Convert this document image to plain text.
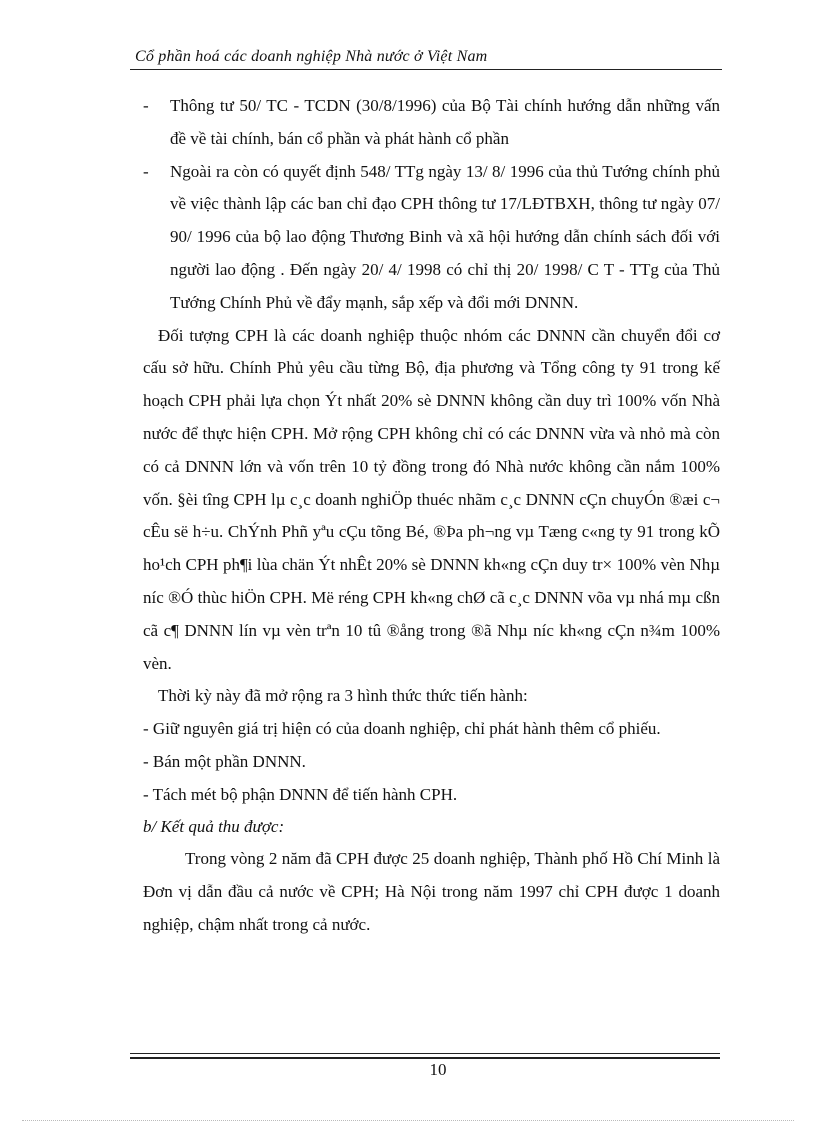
Cổ phần hoá các doanh nghiệp Nhà nước ở Việt Nam
- Thông tư 50/ TC - TCDN (30/8/1996) của Bộ Tài chính hướng dẫn những vấn đề về tài chính, bán cổ phần và phát hành cổ phần
- Ngoài ra còn có quyết định 548/ TTg ngày 13/ 8/ 1996 của thủ Tướng chính phủ về việc thành lập các ban chỉ đạo CPH thông tư 17/LĐTBXH, thông tư ngày 07/ 90/ 1996 của bộ lao động Thương Binh và xã hội hướng dẫn chính sách đối với người lao động . Đến ngày 20/ 4/ 1998 có chỉ thị 20/ 1998/ C T - TTg của Thủ Tướng Chính Phủ về đẩy mạnh, sắp xếp và đổi mới DNNN.

Đối tượng CPH là các doanh nghiệp thuộc nhóm các DNNN cần chuyển đổi cơ cấu sở hữu. Chính Phủ yêu cầu từng Bộ, địa phương và Tổng công ty 91 trong kế hoạch CPH phải lựa chọn Ýt nhất 20% sè DNNN không cần duy trì 100% vốn Nhà nước để thực hiện CPH. Mở rộng CPH không chỉ có các DNNN vừa và nhỏ mà còn có cả DNNN lớn và vốn trên 10 tỷ đồng trong đó Nhà nước không cần nắm 100% vốn. §èi tîng CPH lµ c¸c doanh nghiÖp thuéc nhãm c¸c DNNN cÇn chuyÓn ®æi c¬ cÊu së h÷u. ChÝnh Phñ yªu cÇu tõng Bé, ®Þa ph¬ng vµ Tæng c«ng ty 91 trong kÕ ho¹ch CPH ph¶i lùa chän Ýt nhÊt 20% sè DNNN kh«ng cÇn duy tr× 100% vèn Nhµ níc ®Ó thùc hiÖn CPH. Më réng CPH kh«ng chØ cã c¸c DNNN võa vµ nhá mµ cßn cã c¶ DNNN lín vµ vèn trªn 10 tû ®ång trong ®ã Nhµ níc kh«ng cÇn n¾m 100% vèn.

Thời kỳ này đã mở rộng ra 3 hình thức thức tiến hành:

- Giữ nguyên giá trị hiện có của doanh nghiệp, chỉ phát hành thêm cổ phiếu.

- Bán một phần DNNN.

- Tách mét bộ phận DNNN để tiến hành CPH.

b/ Kết quả thu được:

Trong vòng 2 năm đã CPH được 25 doanh nghiệp, Thành phố Hồ Chí Minh là Đơn vị dẫn đầu cả nước về CPH; Hà Nội trong năm 1997 chỉ CPH được 1 doanh nghiệp, chậm nhất trong cả nước.

10
